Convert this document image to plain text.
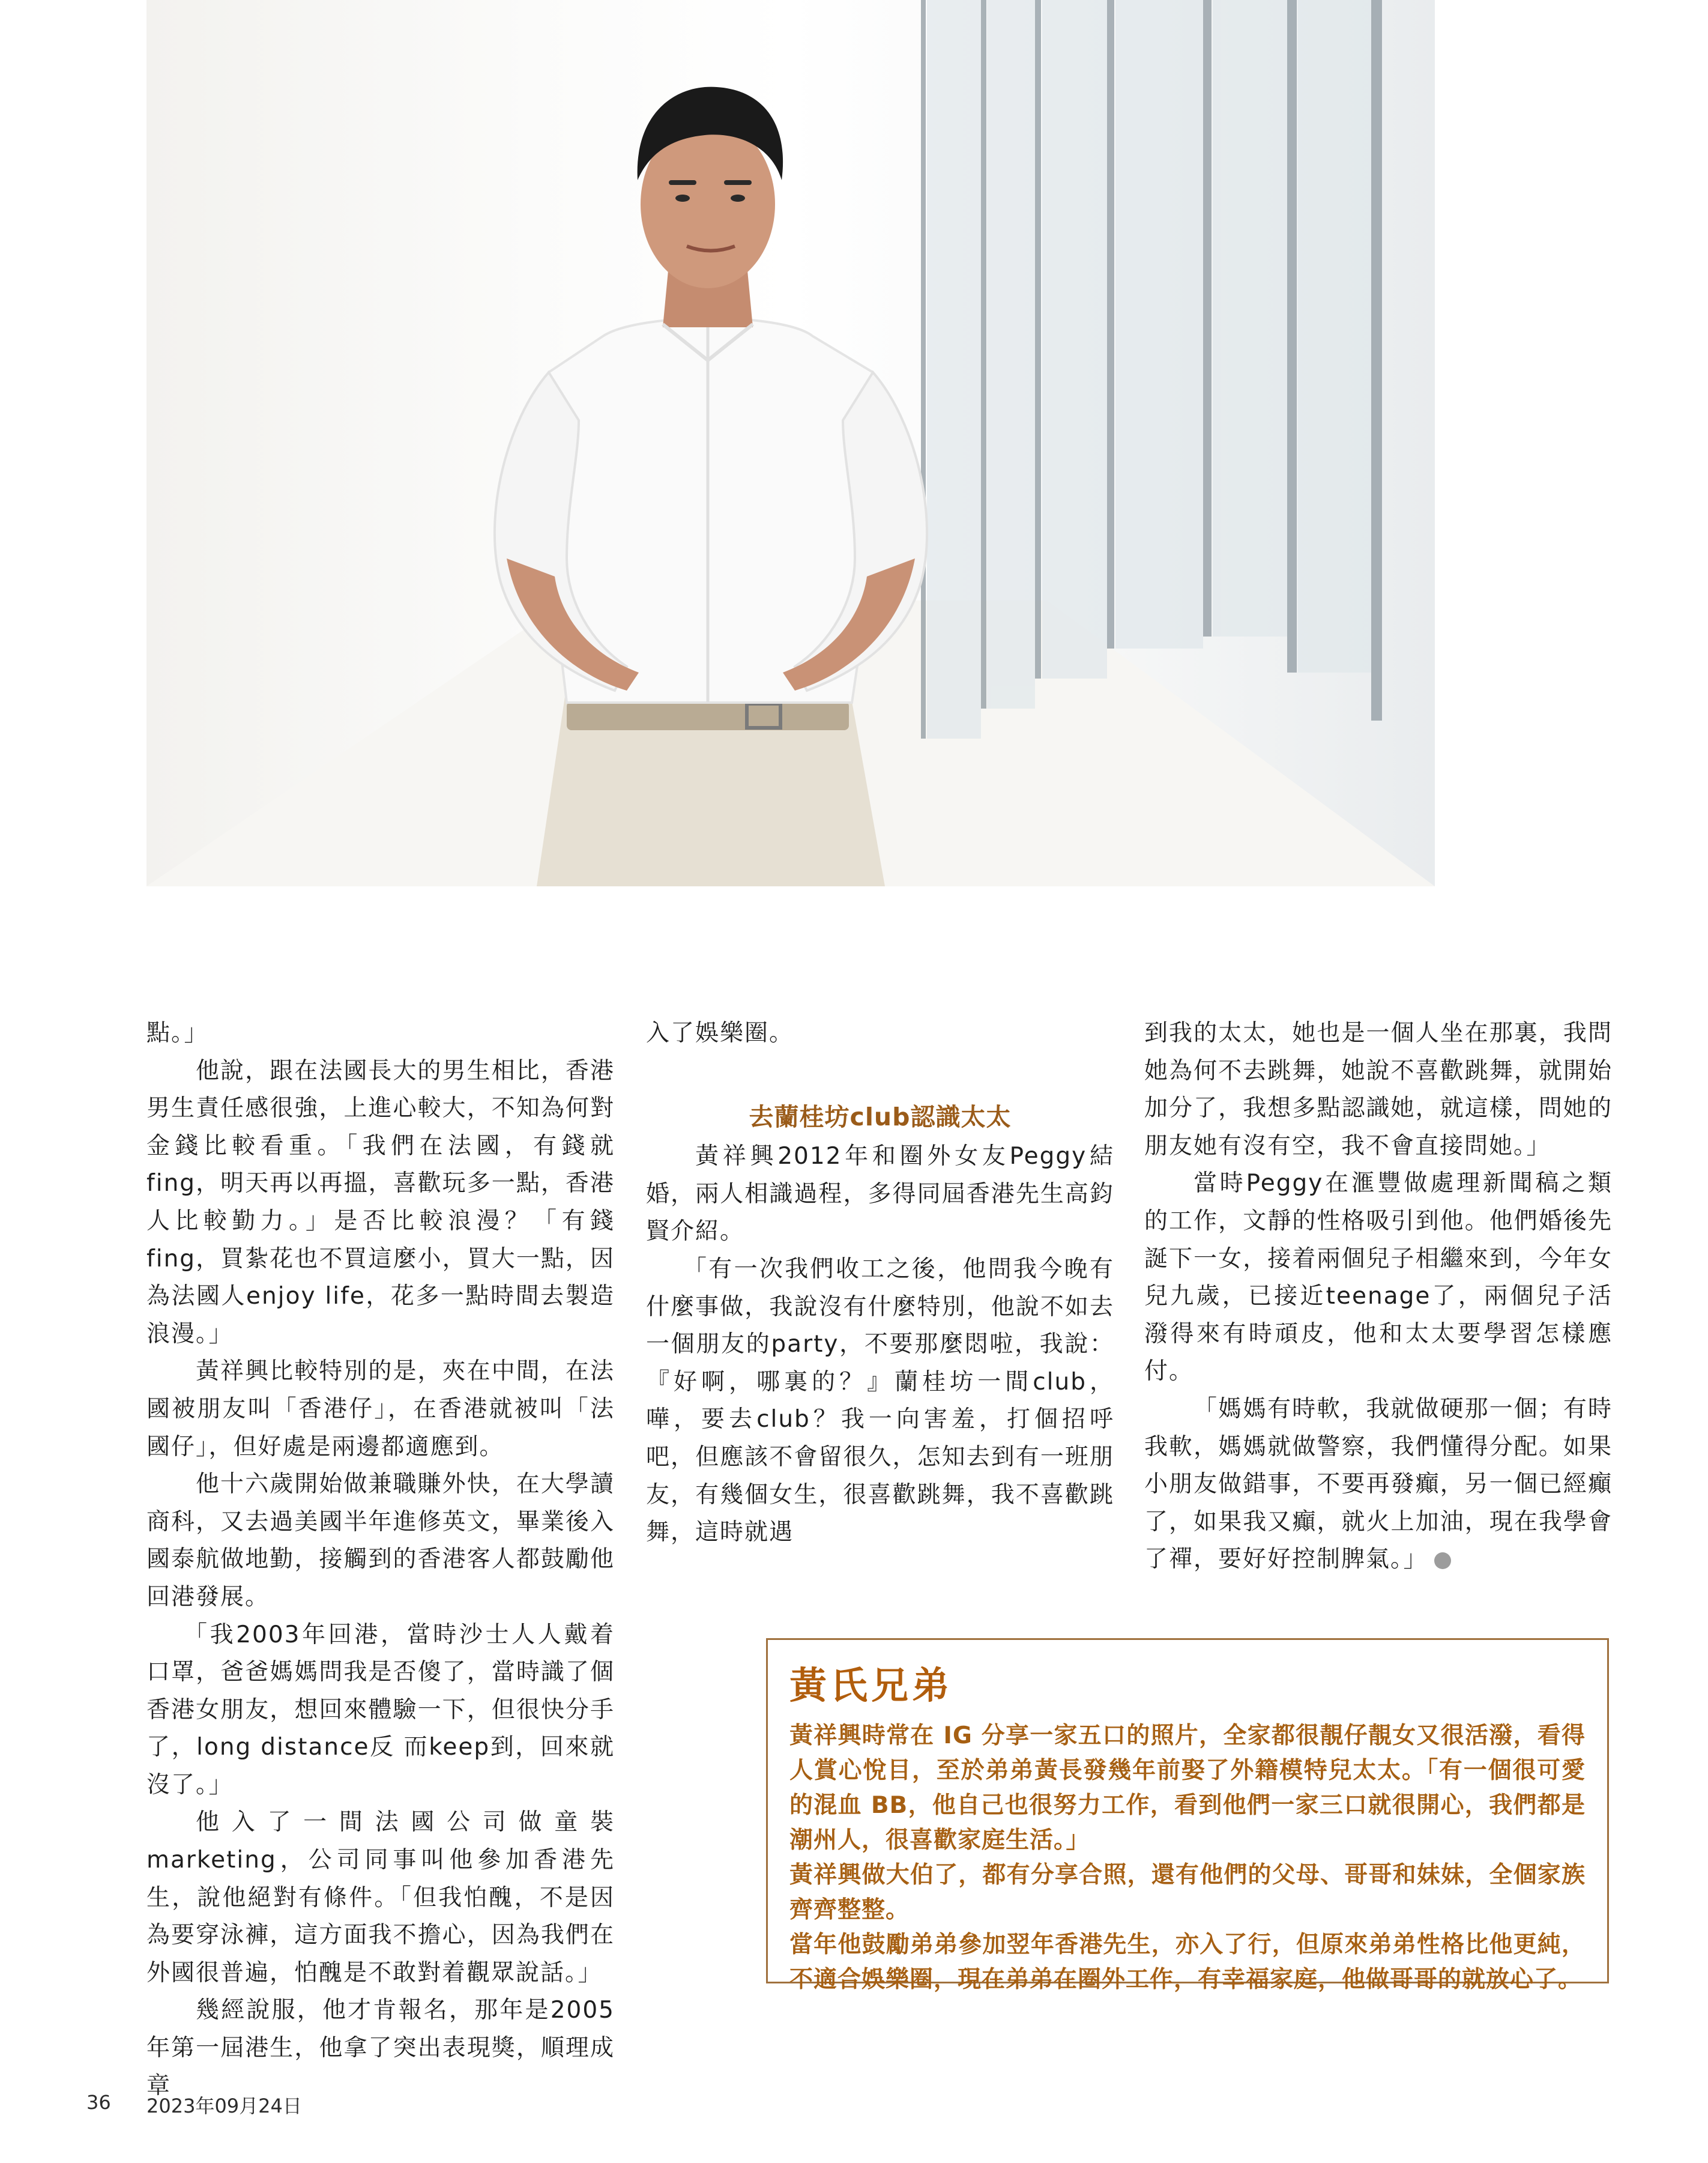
點。」

他說，跟在法國長大的男生相比，香港男生責任感很強，上進心較大，不知為何對金錢比較看重。「我們在法國，有錢就fing，明天再以再搵，喜歡玩多一點，香港人比較勤力。」是否比較浪漫？「有錢fing，買紮花也不買這麼小，買大一點，因為法國人enjoy life，花多一點時間去製造浪漫。」

黃祥興比較特別的是，夾在中間，在法國被朋友叫「香港仔」，在香港就被叫「法國仔」，但好處是兩邊都適應到。

他十六歲開始做兼職賺外快，在大學讀商科，又去過美國半年進修英文，畢業後入國泰航做地勤，接觸到的香港客人都鼓勵他回港發展。

「我2003年回港，當時沙士人人戴着口罩，爸爸媽媽問我是否傻了，當時識了個香港女朋友，想回來體驗一下，但很快分手了，long distance反 而keep到，回來就沒了。」

他入了一間法國公司做童裝marketing，公司同事叫他參加香港先生，說他絕對有條件。「但我怕醜，不是因為要穿泳褲，這方面我不擔心，因為我們在外國很普遍，怕醜是不敢對着觀眾說話。」

幾經說服，他才肯報名，那年是2005年第一屆港生，他拿了突出表現獎，順理成章

入了娛樂圈。

去蘭桂坊club認識太太

黃祥興2012年和圈外女友Peggy結婚，兩人相識過程，多得同屆香港先生高鈞賢介紹。

「有一次我們收工之後，他問我今晚有什麼事做，我說沒有什麼特別，他說不如去一個朋友的party，不要那麼悶啦，我說：『好啊，哪裏的？』蘭桂坊一間club，嘩，要去club？我一向害羞，打個招呼吧，但應該不會留很久，怎知去到有一班朋友，有幾個女生，很喜歡跳舞，我不喜歡跳舞，這時就遇

到我的太太，她也是一個人坐在那裏，我問她為何不去跳舞，她說不喜歡跳舞，就開始加分了，我想多點認識她，就這樣，問她的朋友她有沒有空，我不會直接問她。」

當時Peggy在滙豐做處理新聞稿之類的工作，文靜的性格吸引到他。他們婚後先誕下一女，接着兩個兒子相繼來到，今年女兒九歲，已接近teenage了，兩個兒子活潑得來有時頑皮，他和太太要學習怎樣應付。

「媽媽有時軟，我就做硬那一個；有時我軟，媽媽就做警察，我們懂得分配。如果小朋友做錯事，不要再發癲，另一個已經癲了，如果我又癲，就火上加油，現在我學會了禪，要好好控制脾氣。」

黃氏兄弟

黃祥興時常在 IG 分享一家五口的照片，全家都很靚仔靚女又很活潑，看得人賞心悅目，至於弟弟黃長發幾年前娶了外籍模特兒太太。「有一個很可愛的混血 BB，他自己也很努力工作，看到他們一家三口就很開心，我們都是潮州人，很喜歡家庭生活。」

黃祥興做大伯了，都有分享合照，還有他們的父母、哥哥和妹妹，全個家族齊齊整整。

當年他鼓勵弟弟參加翌年香港先生，亦入了行，但原來弟弟性格比他更純，不適合娛樂圈，現在弟弟在圈外工作，有幸福家庭，他做哥哥的就放心了。

36 2023年09月24日
